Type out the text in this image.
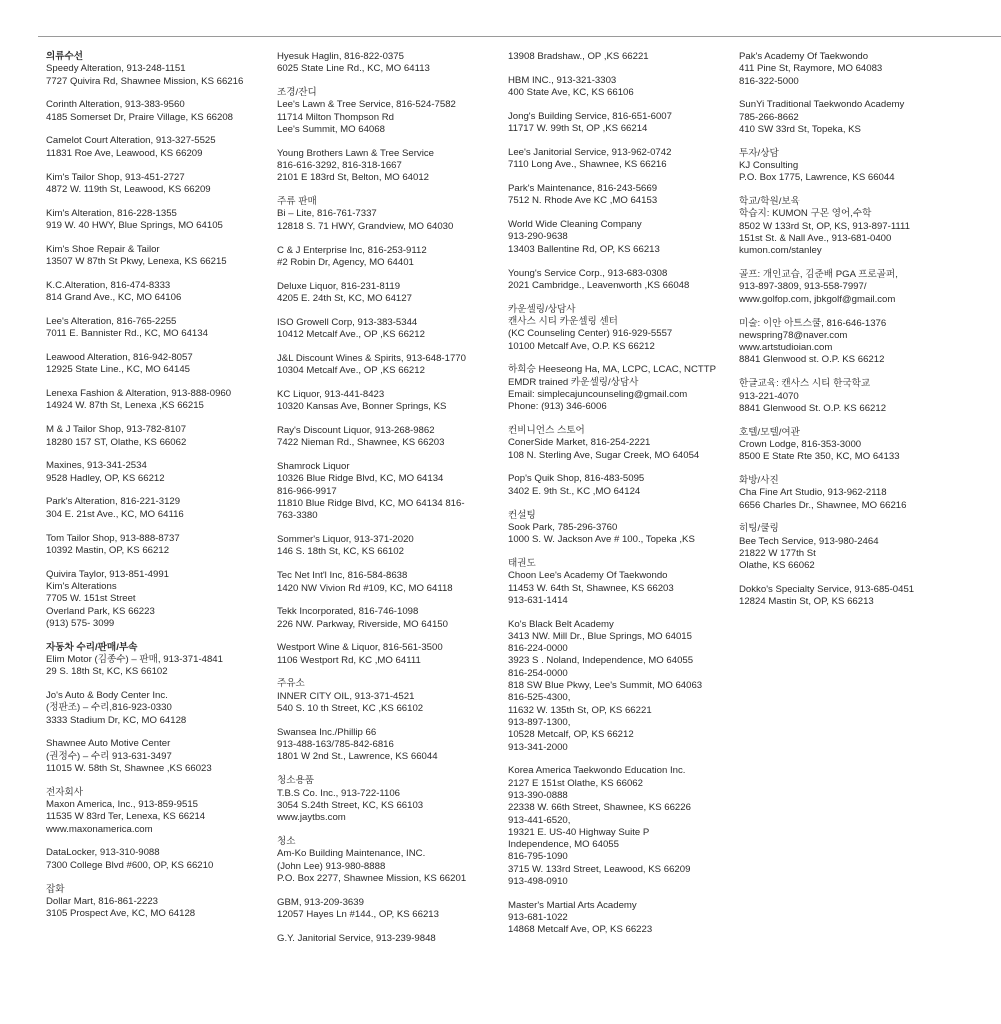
의류수선
Speedy Alteration, 913-248-1151
7727 Quivira Rd, Shawnee Mission, KS 66216
Corinth Alteration, 913-383-9560
4185 Somerset Dr, Praire Village, KS 66208
Camelot Court Alteration, 913-327-5525
11831 Roe Ave, Leawood, KS 66209
Kim's Tailor Shop, 913-451-2727
4872 W. 119th St, Leawood, KS 66209
Kim's Alteration, 816-228-1355
919 W. 40 HWY, Blue Springs, MO 64105
Kim's Shoe Repair & Tailor
13507 W 87th St Pkwy, Lenexa, KS 66215
K.C.Alteration, 816-474-8333
814 Grand Ave., KC, MO 64106
Lee's Alteration, 816-765-2255
7011 E. Bannister Rd., KC, MO 64134
Leawood Alteration, 816-942-8057
12925 State Line., KC, MO 64145
Lenexa Fashion & Alteration, 913-888-0960
14924 W. 87th St, Lenexa ,KS 66215
M & J Tailor Shop, 913-782-8107
18280 157 ST, Olathe, KS 66062
Maxines, 913-341-2534
9528 Hadley, OP, KS 66212
Park's Alteration, 816-221-3129
304 E. 21st Ave., KC, MO 64116
Tom Tailor Shop, 913-888-8737
10392 Mastin, OP, KS 66212
Quivira Taylor, 913-851-4991
Kim's Alterations
7705 W. 151st Street
Overland Park, KS 66223
(913) 575- 3099
자동차 수리/판매/부속
Elim Motor (김종수) – 판매, 913-371-4841
29 S. 18th St, KC, KS 66102
Jo's Auto & Body Center Inc.
(정판조) – 수리,816-923-0330
3333 Stadium Dr, KC, MO 64128
Shawnee Auto Motive Center
(권정수) – 수리 913-631-3497
11015 W. 58th St, Shawnee ,KS 66023
전자회사
Maxon America, Inc., 913-859-9515
11535 W 83rd Ter, Lenexa, KS 66214
www.maxonamerica.com
DataLocker, 913-310-9088
7300 College Blvd #600, OP, KS 66210
잡화
Dollar Mart, 816-861-2223
3105 Prospect Ave, KC, MO 64128
Hyesuk Haglin, 816-822-0375
6025 State Line Rd., KC, MO 64113
조경/잔디
Lee's Lawn & Tree Service, 816-524-7582
11714 Milton Thompson Rd
Lee's Summit, MO 64068
Young Brothers Lawn & Tree Service
816-616-3292, 816-318-1667
2101 E 183rd St, Belton, MO 64012
주류 판매
Bi – Lite, 816-761-7337
12818 S. 71 HWY, Grandview, MO 64030
C & J Enterprise Inc, 816-253-9112
#2 Robin Dr, Agency, MO 64401
Deluxe Liquor, 816-231-8119
4205 E. 24th St, KC, MO 64127
ISO Growell Corp, 913-383-5344
10412 Metcalf Ave., OP ,KS 66212
J&L Discount Wines & Spirits, 913-648-1770
10304 Metcalf Ave., OP ,KS 66212
KC Liquor, 913-441-8423
10320 Kansas Ave, Bonner Springs, KS
Ray's Discount Liquor, 913-268-9862
7422 Nieman Rd., Shawnee, KS 66203
Shamrock Liquor
10326 Blue Ridge Blvd, KC, MO 64134
816-966-9917
11810 Blue Ridge Blvd, KC, MO 64134 816-
763-3380
Sommer's Liquor, 913-371-2020
146 S. 18th St, KC, KS 66102
Tec Net Int'l Inc, 816-584-8638
1420 NW Vivion Rd #109, KC, MO 64118
Tekk Incorporated, 816-746-1098
226 NW. Parkway, Riverside, MO 64150
Westport Wine & Liquor, 816-561-3500
1106 Westport Rd, KC ,MO 64111
주유소
INNER CITY OIL, 913-371-4521
540 S. 10 th Street, KC ,KS 66102
Swansea Inc./Phillip 66
913-488-163/785-842-6816
1801 W 2nd St., Lawrence, KS 66044
청소용품
T.B.S Co. Inc., 913-722-1106
3054 S.24th Street, KC, KS 66103
www.jaytbs.com
청소
Am-Ko Building Maintenance, INC.
(John Lee) 913-980-8888
P.O. Box 2277, Shawnee Mission, KS 66201
GBM, 913-209-3639
12057 Hayes Ln #144., OP, KS 66213
G.Y. Janitorial Service, 913-239-9848
13908 Bradshaw., OP ,KS 66221
HBM INC., 913-321-3303
400 State Ave, KC, KS 66106
Jong's Building Service, 816-651-6007
11717 W. 99th St, OP ,KS 66214
Lee's Janitorial Service, 913-962-0742
7110 Long Ave., Shawnee, KS 66216
Park's Maintenance, 816-243-5669
7512 N. Rhode Ave KC ,MO 64153
World Wide Cleaning Company
913-290-9638
13403 Ballentine Rd, OP, KS 66213
Young's Service Corp., 913-683-0308
2021 Cambridge., Leavenworth ,KS 66048
카운셀링/상담사
캔사스 시티 카운셀링 센터
(KC Counseling Center) 916-929-5557
10100 Metcalf Ave, O.P. KS 66212
하희승 Heeseong Ha, MA, LCPC, LCAC, NCTTP
EMDR trained 카운셀링/상담사
Email: simplecajuncounseling@gmail.com
Phone: (913) 346-6006
컨비니언스 스토어
ConerSide Market, 816-254-2221
108 N. Sterling Ave, Sugar Creek, MO 64054
Pop's Quik Shop, 816-483-5095
3402 E. 9th St., KC ,MO 64124
컨설팅
Sook Park, 785-296-3760
1000 S. W. Jackson Ave # 100., Topeka ,KS
태권도
Choon Lee's Academy Of Taekwondo
11453 W. 64th St, Shawnee, KS 66203
913-631-1414
Ko's Black Belt Academy
3413 NW. Mill Dr., Blue Springs, MO 64015
816-224-0000
3923 S . Noland, Independence, MO 64055
816-254-0000
818 SW Blue Pkwy, Lee's Summit, MO 64063
816-525-4300,
11632 W. 135th St, OP, KS 66221
913-897-1300,
10528 Metcalf, OP, KS 66212
913-341-2000
Korea America Taekwondo Education Inc.
2127 E 151st Olathe, KS 66062
913-390-0888
22338 W. 66th Street, Shawnee, KS 66226
913-441-6520,
19321 E. US-40 Highway Suite P
Independence, MO 64055
816-795-1090
3715 W. 133rd Street, Leawood, KS 66209
913-498-0910
Master's Martial Arts Academy
913-681-1022
14868 Metcalf Ave, OP, KS 66223
Pak's Academy Of Taekwondo
411 Pine St, Raymore, MO 64083
816-322-5000
SunYi Traditional Taekwondo Academy
785-266-8662
410 SW 33rd St, Topeka, KS
투자/상담
KJ Consulting
P.O. Box 1775, Lawrence, KS 66044
학교/학원/보육
학습지: KUMON 구몬 영어,수학
8502 W 133rd St, OP, KS, 913-897-1111
151st St. & Nall Ave., 913-681-0400
kumon.com/stanley
골프: 개인교습, 김준배 PGA 프로골퍼,
913-897-3809, 913-558-7997/
www.golfop.com, jbkgolf@gmail.com
미술: 이안 아트스쿨, 816-646-1376
newspring78@naver.com
www.artstudioian.com
8841 Glenwood st. O.P. KS 66212
한글교육: 캔사스 시티 한국학교
913-221-4070
8841 Glenwood St. O.P. KS 66212
호텔/모텔/여관
Crown Lodge, 816-353-3000
8500 E State Rte 350, KC, MO 64133
화방/사진
Cha Fine Art Studio, 913-962-2118
6656 Charles Dr., Shawnee, MO 66216
히팅/쿨링
Bee Tech Service, 913-980-2464
21822 W 177th St
Olathe, KS 66062
Dokko's Specialty Service, 913-685-0451
12824 Mastin St, OP, KS 66213
